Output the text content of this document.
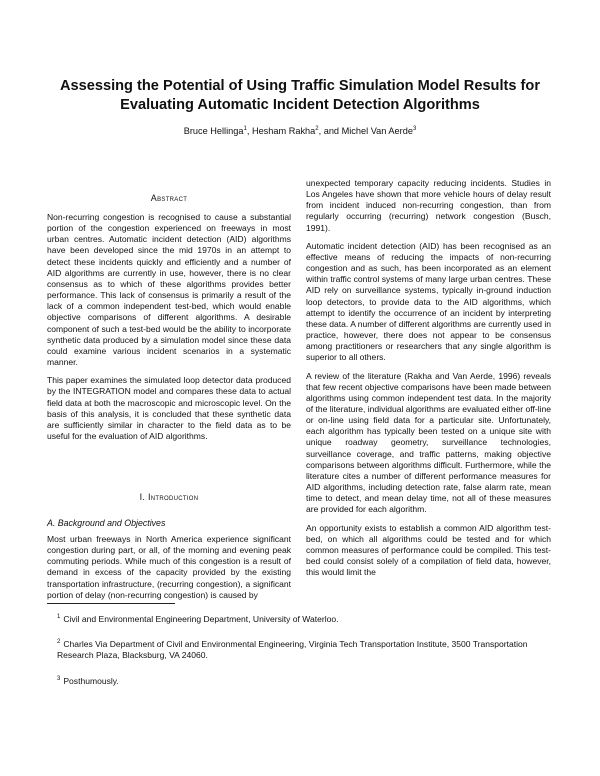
Assessing the Potential of Using Traffic Simulation Model Results for Evaluating Automatic Incident Detection Algorithms
Bruce Hellinga$^1$, Hesham Rakha$^2$, and Michel Van Aerde$^3$
Abstract

Non-recurring congestion is recognised to cause a substantial portion of the congestion experienced on freeways in most urban centres. Automatic incident detection (AID) algorithms have been developed since the mid 1970s in an attempt to detect these incidents quickly and efficiently and a number of AID algorithms are currently in use, however, there is no clear consensus as to which of these algorithms provides better performance. This lack of consensus is primarily a result of the lack of a common independent test-bed, which would enable objective comparisons of different algorithms. A desirable component of such a test-bed would be the ability to incorporate synthetic data produced by a simulation model since these data could examine various incident scenarios in a systematic manner.

This paper examines the simulated loop detector data produced by the INTEGRATION model and compares these data to actual field data at both the macroscopic and microscopic level. On the basis of this analysis, it is concluded that these synthetic data are sufficiently similar in character to the field data as to be useful for the evaluation of AID algorithms.

I. Introduction
A. Background and Objectives

Most urban freeways in North America experience significant congestion during part, or all, of the morning and evening peak commuting periods. While much of this congestion is a result of demand in excess of the capacity provided by the existing transportation infrastructure, (recurring congestion), a significant portion of delay (non-recurring congestion) is caused by

unexpected temporary capacity reducing incidents. Studies in Los Angeles have shown that more vehicle hours of delay result from incident induced non-recurring congestion, than from regularly occurring (recurring) network congestion (Busch, 1991).

Automatic incident detection (AID) has been recognised as an effective means of reducing the impacts of non-recurring congestion and as such, has been incorporated as an element within traffic control systems of many large urban centres. These AID rely on surveillance systems, typically in-ground induction loop detectors, to provide data to the AID algorithms, which attempt to identify the occurrence of an incident by interpreting these data. A number of different algorithms are currently used in practice, however, there does not appear to be consensus among practitioners or researchers that any single algorithm is superior to all others.

A review of the literature (Rakha and Van Aerde, 1996) reveals that few recent objective comparisons have been made between algorithms using common independent test data. In the majority of the literature, individual algorithms are evaluated either off-line or on-line using field data for a particular site. Unfortunately, each algorithm has typically been tested on a unique site with unique roadway geometry, surveillance technologies, surveillance coverage, and traffic patterns, making objective comparisons between algorithms difficult. Furthermore, while the literature cites a number of different performance measures for AID algorithms, including detection rate, false alarm rate, mean time to detect, and mean delay time, not all of these measures are provided for each algorithm.

An opportunity exists to establish a common AID algorithm test-bed, on which all algorithms could be tested and for which common measures of performance could be compiled. This test-bed could consist solely of a compilation of field data, however, this would limit the

$^1$ Civil and Environmental Engineering Department, University of Waterloo.

$^2$ Charles Via Department of Civil and Environmental Engineering, Virginia Tech Transportation Institute, 3500 Transportation Research Plaza, Blacksburg, VA 24060.

$^3$ Posthumously.
